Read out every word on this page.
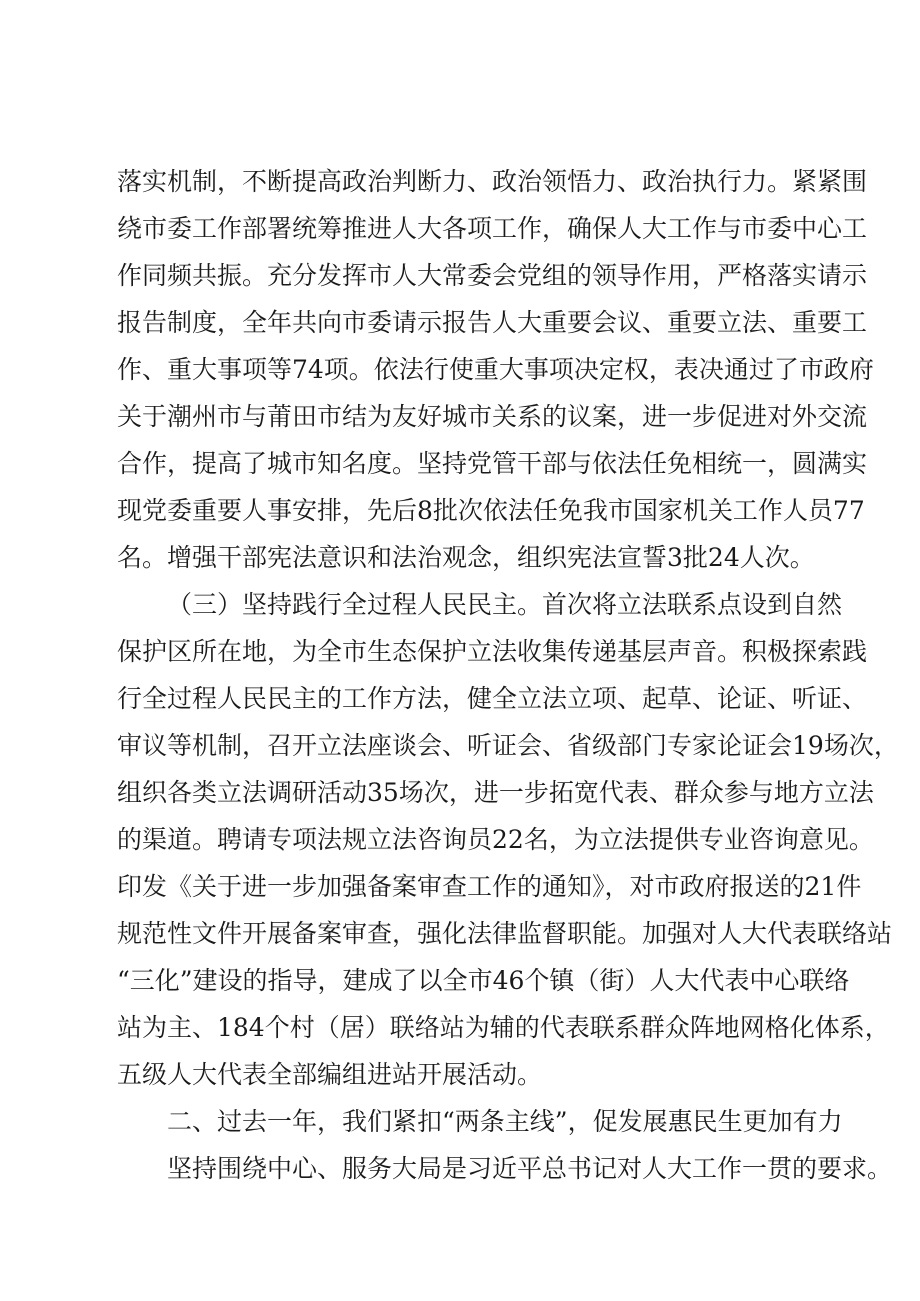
落实机制，不断提高政治判断力、政治领悟力、政治执行力。紧紧围
绕市委工作部署统筹推进人大各项工作，确保人大工作与市委中心工
作同频共振。充分发挥市人大常委会党组的领导作用，严格落实请示
报告制度，全年共向市委请示报告人大重要会议、重要立法、重要工
作、重大事项等74项。依法行使重大事项决定权，表决通过了市政府
关于潮州市与莆田市结为友好城市关系的议案，进一步促进对外交流
合作，提高了城市知名度。坚持党管干部与依法任免相统一，圆满实
现党委重要人事安排，先后8批次依法任免我市国家机关工作人员77
名。增强干部宪法意识和法治观念，组织宪法宣誓3批24人次。
（三）坚持践行全过程人民民主。首次将立法联系点设到自然
保护区所在地，为全市生态保护立法收集传递基层声音。积极探索践
行全过程人民民主的工作方法，健全立法立项、起草、论证、听证、
审议等机制，召开立法座谈会、听证会、省级部门专家论证会19场次，
组织各类立法调研活动35场次，进一步拓宽代表、群众参与地方立法
的渠道。聘请专项法规立法咨询员22名，为立法提供专业咨询意见。
印发《关于进一步加强备案审查工作的通知》，对市政府报送的21件
规范性文件开展备案审查，强化法律监督职能。加强对人大代表联络站
“三化”建设的指导，建成了以全市46个镇（街）人大代表中心联络
站为主、184个村（居）联络站为辅的代表联系群众阵地网格化体系，
五级人大代表全部编组进站开展活动。
二、过去一年，我们紧扣“两条主线”，促发展惠民生更加有力
坚持围绕中心、服务大局是习近平总书记对人大工作一贯的要求。
